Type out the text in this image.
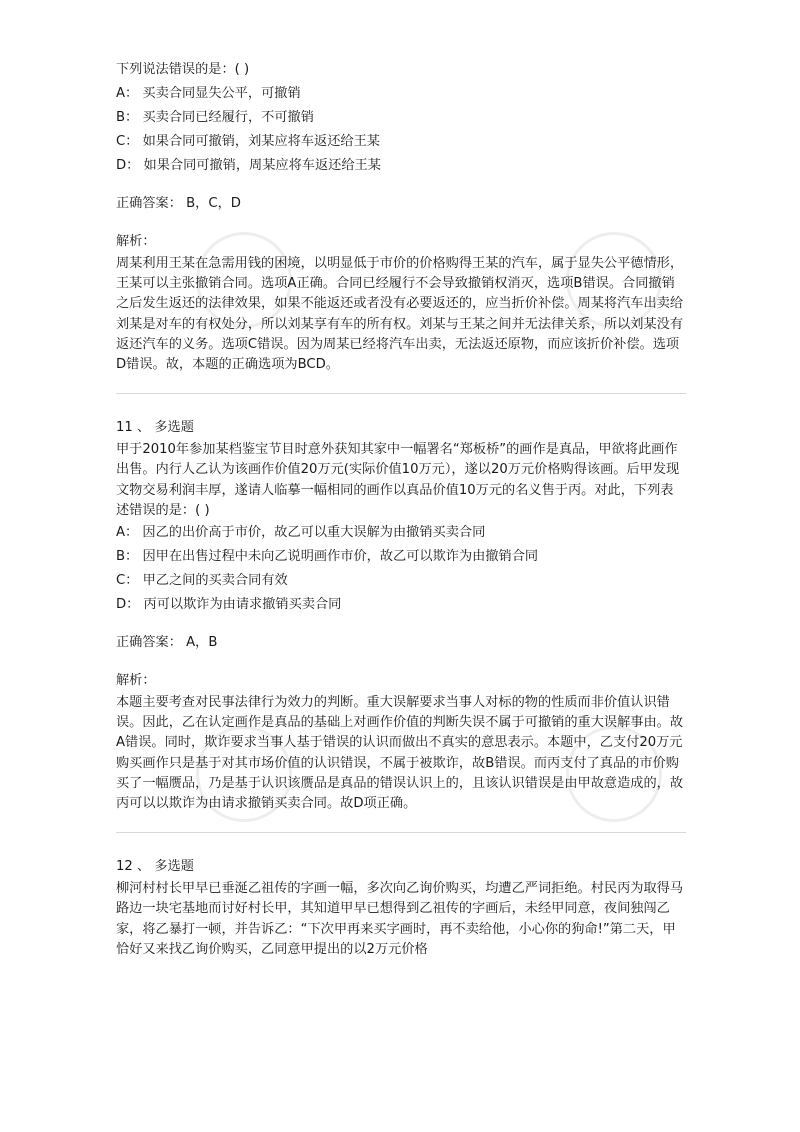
下列说法错误的是：( )
A： 买卖合同显失公平，可撤销
B： 买卖合同已经履行，不可撤销
C： 如果合同可撤销，刘某应将车返还给王某
D： 如果合同可撤销，周某应将车返还给王某
正确答案： B，C，D
解析：
周某利用王某在急需用钱的困境，以明显低于市价的价格购得王某的汽车，属于显失公平德情形，王某可以主张撤销合同。选项A正确。合同已经履行不会导致撤销权消灭，选项B错误。合同撤销之后发生返还的法律效果，如果不能返还或者没有必要返还的，应当折价补偿。周某将汽车出卖给刘某是对车的有权处分，所以刘某享有车的所有权。刘某与王某之间并无法律关系，所以刘某没有返还汽车的义务。选项C错误。因为周某已经将汽车出卖，无法返还原物，而应该折价补偿。选项D错误。故，本题的正确选项为BCD。
11 、 多选题
甲于2010年参加某档鉴宝节目时意外获知其家中一幅署名“郑板桥”的画作是真品，甲欲将此画作出售。内行人乙认为该画作价值20万元(实际价值10万元），遂以20万元价格购得该画。后甲发现文物交易利润丰厚，遂请人临摹一幅相同的画作以真品价值10万元的名义售于丙。对此，下列表述错误的是：( )
A： 因乙的出价高于市价，故乙可以重大误解为由撤销买卖合同
B： 因甲在出售过程中未向乙说明画作市价，故乙可以欺诈为由撤销合同
C： 甲乙之间的买卖合同有效
D： 丙可以欺诈为由请求撤销买卖合同
正确答案： A，B
解析：
本题主要考查对民事法律行为效力的判断。重大误解要求当事人对标的物的性质而非价值认识错误。因此，乙在认定画作是真品的基础上对画作价值的判断失误不属于可撤销的重大误解事由。故A错误。同时，欺诈要求当事人基于错误的认识而做出不真实的意思表示。本题中，乙支付20万元购买画作只是基于对其市场价值的认识错误，不属于被欺诈，故B错误。而丙支付了真品的市价购买了一幅赝品，乃是基于认识该赝品是真品的错误认识上的，且该认识错误是由甲故意造成的，故丙可以以欺诈为由请求撤销买卖合同。故D项正确。
12 、 多选题
柳河村村长甲早已垂涎乙祖传的字画一幅，多次向乙询价购买，均遭乙严词拒绝。村民丙为取得马路边一块宅基地而讨好村长甲，其知道甲早已想得到乙祖传的字画后，未经甲同意，夜间独闯乙家，将乙暴打一顿，并告诉乙：“下次甲再来买字画时，再不卖给他，小心你的狗命!”第二天，甲恰好又来找乙询价购买，乙同意甲提出的以2万元价格
